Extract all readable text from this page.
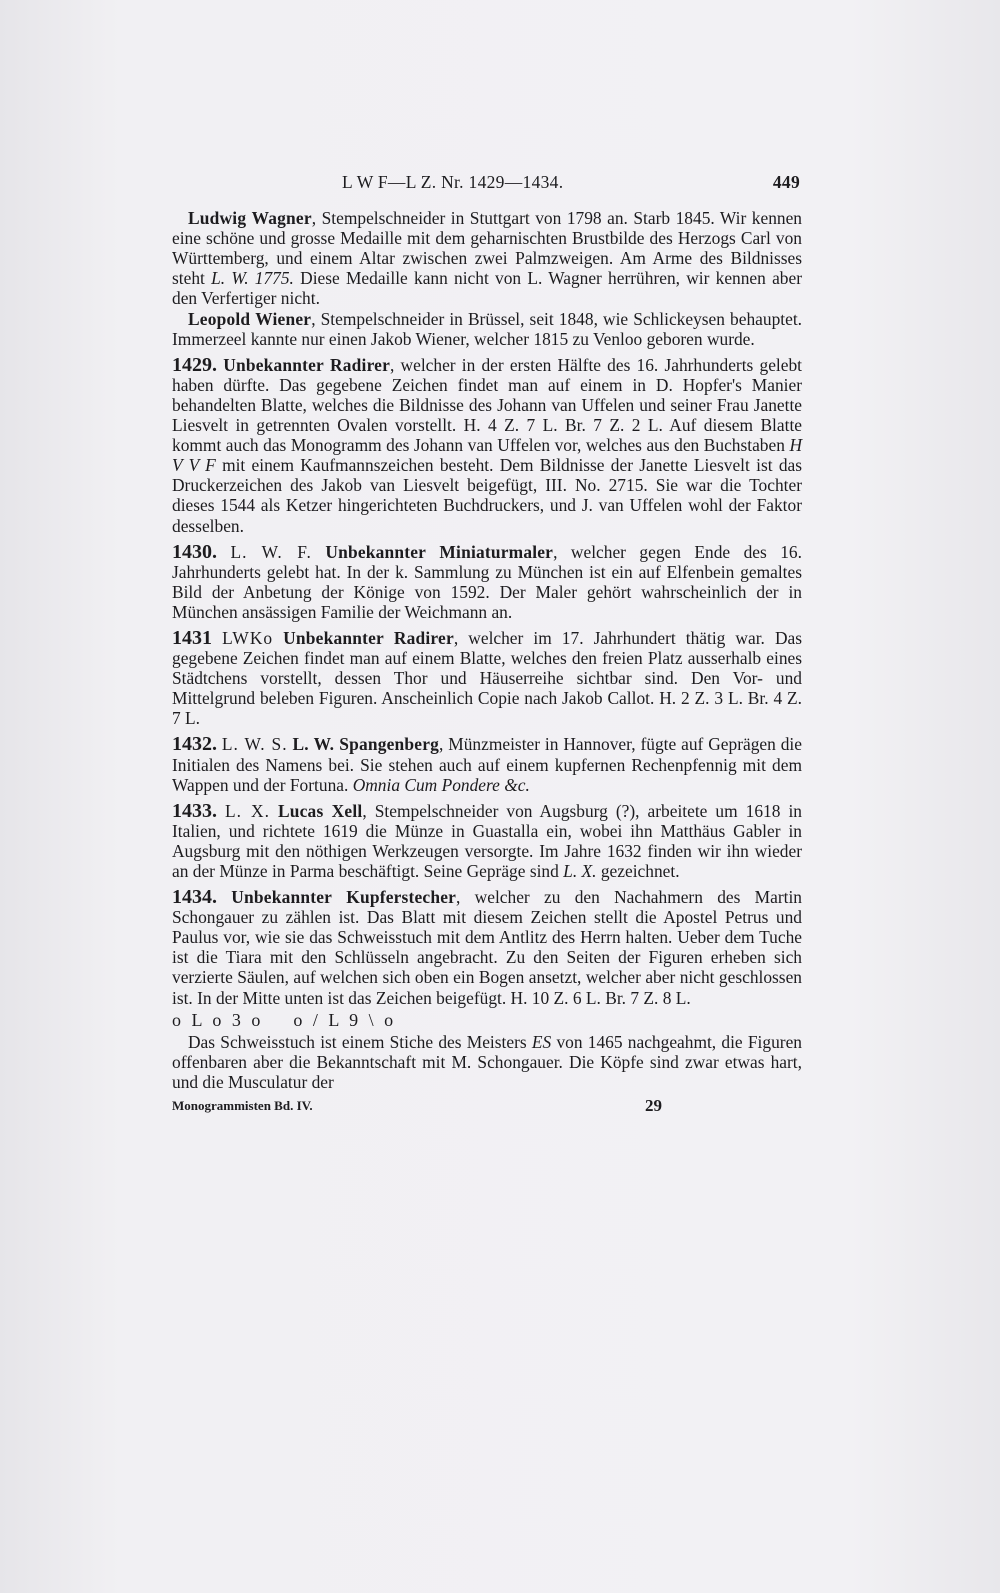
L W F—L Z. Nr. 1429—1434.	449

Ludwig Wagner, Stempelschneider in Stuttgart von 1798 an. Starb 1845. Wir kennen eine schöne und grosse Medaille mit dem geharnischten Brustbilde des Herzogs Carl von Württemberg, und einem Altar zwischen zwei Palmzweigen. Am Arme des Bildnisses steht L. W. 1775. Diese Medaille kann nicht von L. Wagner herrühren, wir kennen aber den Verfertiger nicht.

Leopold Wiener, Stempelschneider in Brüssel, seit 1848, wie Schlickeysen behauptet. Immerzeel kannte nur einen Jakob Wiener, welcher 1815 zu Venloo geboren wurde.

1429. Unbekannter Radirer, welcher in der ersten Hälfte des 16. Jahrhunderts gelebt haben dürfte. Das gegebene Zeichen findet man auf einem in D. Hopfer's Manier behandelten Blatte, welches die Bildnisse des Johann van Uffelen und seiner Frau Janette Liesvelt in getrennten Ovalen vorstellt. H. 4 Z. 7 L. Br. 7 Z. 2 L. Auf diesem Blatte kommt auch das Monogramm des Johann van Uffelen vor, welches aus den Buchstaben H V V F mit einem Kaufmannszeichen besteht. Dem Bildnisse der Janette Liesvelt ist das Druckerzeichen des Jakob van Liesvelt beigefügt, III. No. 2715. Sie war die Tochter dieses 1544 als Ketzer hingerichteten Buchdruckers, und J. van Uffelen wohl der Faktor desselben.

1430. L. W. F. Unbekannter Miniaturmaler, welcher gegen Ende des 16. Jahrhunderts gelebt hat. In der k. Sammlung zu München ist ein auf Elfenbein gemaltes Bild der Anbetung der Könige von 1592. Der Maler gehört wahrscheinlich der in München ansässigen Familie der Weichmann an.

1431 LWKo Unbekannter Radirer, welcher im 17. Jahrhundert thätig war. Das gegebene Zeichen findet man auf einem Blatte, welches den freien Platz ausserhalb eines Städtchens vorstellt, dessen Thor und Häuserreihe sichtbar sind. Den Vor- und Mittelgrund beleben Figuren. Anscheinlich Copie nach Jakob Callot. H. 2 Z. 3 L. Br. 4 Z. 7 L.

1432. L. W. S. L. W. Spangenberg, Münzmeister in Hannover, fügte auf Geprägen die Initialen des Namens bei. Sie stehen auch auf einem kupfernen Rechenpfennig mit dem Wappen und der Fortuna. Omnia Cum Pondere &c.

1433. L. X. Lucas Xell, Stempelschneider von Augsburg (?), arbeitete um 1618 in Italien, und richtete 1619 die Münze in Guastalla ein, wobei ihn Matthäus Gabler in Augsburg mit den nöthigen Werkzeugen versorgte. Im Jahre 1632 finden wir ihn wieder an der Münze in Parma beschäftigt. Seine Gepräge sind L. X. gezeichnet.

1434. Unbekannter Kupferstecher, welcher zu den Nachahmern des Martin Schongauer zu zählen ist. Das Blatt mit diesem Zeichen stellt die Apostel Petrus und Paulus vor, wie sie das Schweisstuch mit dem Antlitz des Herrn halten. Ueber dem Tuche ist die Tiara mit den Schlüsseln angebracht. Zu den Seiten der Figuren erheben sich verzierte Säulen, auf welchen sich oben ein Bogen ansetzt, welcher aber nicht geschlossen ist. In der Mitte unten ist das Zeichen beigefügt. H. 10 Z. 6 L. Br. 7 Z. 8 L.

o L o 3 o o / L 9 \ o

Das Schweisstuch ist einem Stiche des Meisters ES von 1465 nachgeahmt, die Figuren offenbaren aber die Bekanntschaft mit M. Schongauer. Die Köpfe sind zwar etwas hart, und die Musculatur der

Monogrammisten Bd. IV.	29
